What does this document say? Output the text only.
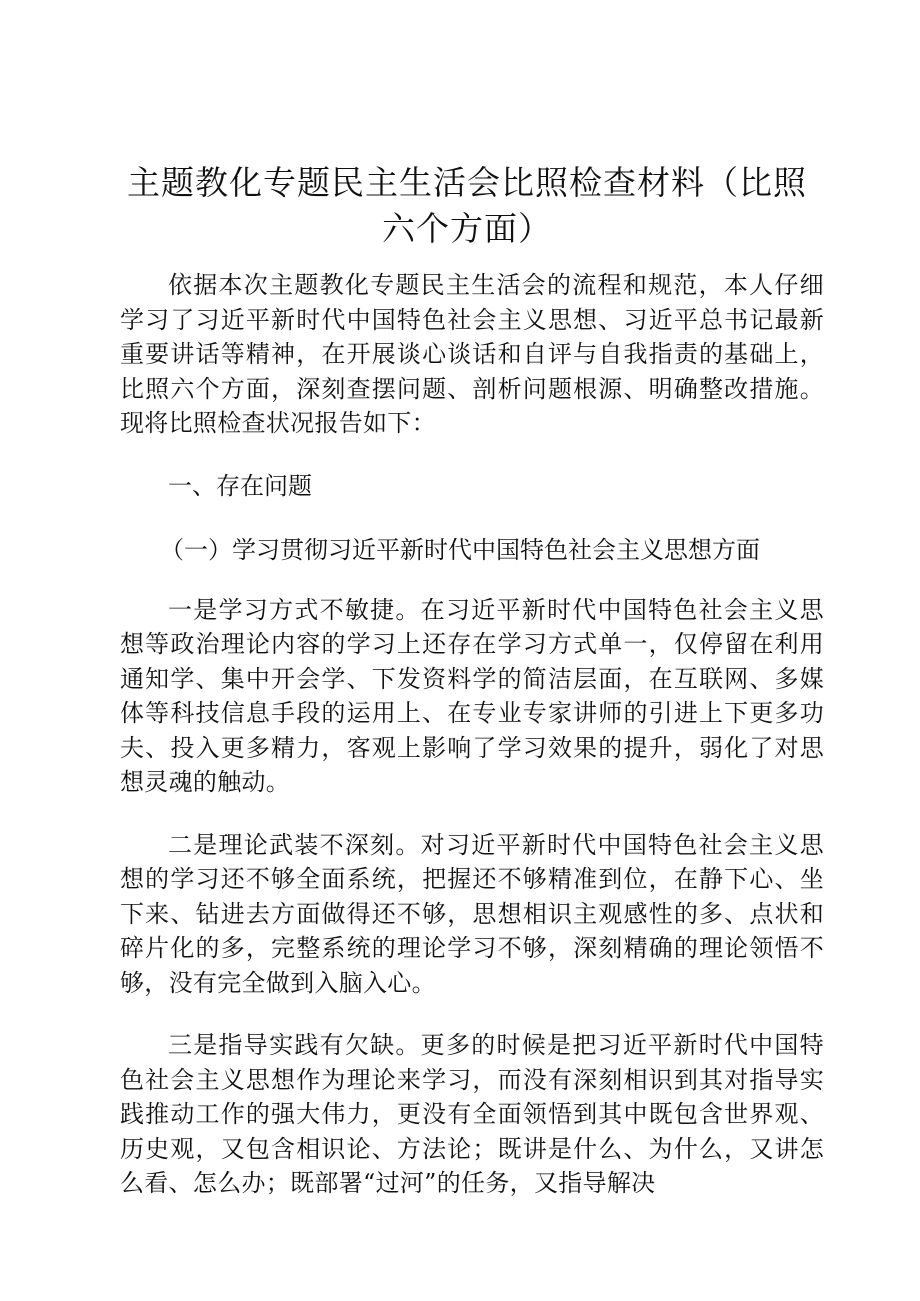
主题教化专题民主生活会比照检查材料（比照六个方面）

依据本次主题教化专题民主生活会的流程和规范，本人仔细学习了习近平新时代中国特色社会主义思想、习近平总书记最新重要讲话等精神，在开展谈心谈话和自评与自我指责的基础上，比照六个方面，深刻查摆问题、剖析问题根源、明确整改措施。现将比照检查状况报告如下：

一、存在问题

（一）学习贯彻习近平新时代中国特色社会主义思想方面

一是学习方式不敏捷。在习近平新时代中国特色社会主义思想等政治理论内容的学习上还存在学习方式单一，仅停留在利用通知学、集中开会学、下发资料学的简洁层面，在互联网、多媒体等科技信息手段的运用上、在专业专家讲师的引进上下更多功夫、投入更多精力，客观上影响了学习效果的提升，弱化了对思想灵魂的触动。

二是理论武装不深刻。对习近平新时代中国特色社会主义思想的学习还不够全面系统，把握还不够精准到位，在静下心、坐下来、钻进去方面做得还不够，思想相识主观感性的多、点状和碎片化的多，完整系统的理论学习不够，深刻精确的理论领悟不够，没有完全做到入脑入心。

三是指导实践有欠缺。更多的时候是把习近平新时代中国特色社会主义思想作为理论来学习，而没有深刻相识到其对指导实践推动工作的强大伟力，更没有全面领悟到其中既包含世界观、历史观，又包含相识论、方法论；既讲是什么、为什么，又讲怎么看、怎么办；既部署“过河”的任务，又指导解决
